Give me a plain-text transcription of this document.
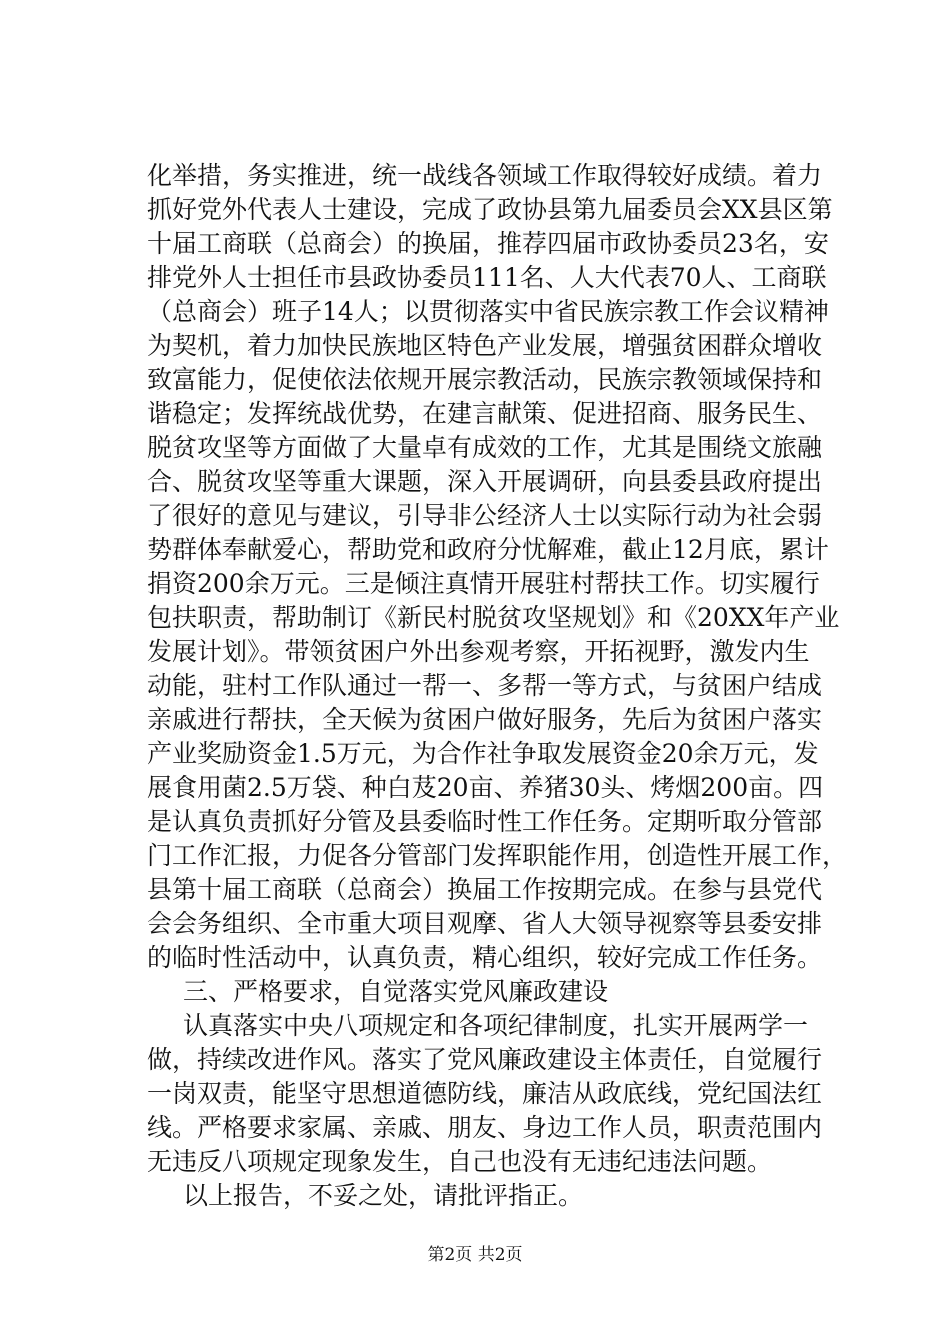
化举措，务实推进，统一战线各领域工作取得较好成绩。着力
抓好党外代表人士建设，完成了政协县第九届委员会XX县区第
十届工商联（总商会）的换届，推荐四届市政协委员23名，安
排党外人士担任市县政协委员111名、人大代表70人、工商联
（总商会）班子14人；以贯彻落实中省民族宗教工作会议精神
为契机，着力加快民族地区特色产业发展，增强贫困群众增收
致富能力，促使依法依规开展宗教活动，民族宗教领域保持和
谐稳定；发挥统战优势，在建言献策、促进招商、服务民生、
脱贫攻坚等方面做了大量卓有成效的工作，尤其是围绕文旅融
合、脱贫攻坚等重大课题，深入开展调研，向县委县政府提出
了很好的意见与建议，引导非公经济人士以实际行动为社会弱
势群体奉献爱心，帮助党和政府分忧解难，截止12月底，累计
捐资200余万元。三是倾注真情开展驻村帮扶工作。切实履行
包扶职责，帮助制订《新民村脱贫攻坚规划》和《20XX年产业
发展计划》。带领贫困户外出参观考察，开拓视野，激发内生
动能，驻村工作队通过一帮一、多帮一等方式，与贫困户结成
亲戚进行帮扶，全天候为贫困户做好服务，先后为贫困户落实
产业奖励资金1.5万元，为合作社争取发展资金20余万元，发
展食用菌2.5万袋、种白芨20亩、养猪30头、烤烟200亩。四
是认真负责抓好分管及县委临时性工作任务。定期听取分管部
门工作汇报，力促各分管部门发挥职能作用，创造性开展工作，
县第十届工商联（总商会）换届工作按期完成。在参与县党代
会会务组织、全市重大项目观摩、省人大领导视察等县委安排
的临时性活动中，认真负责，精心组织，较好完成工作任务。
三、严格要求，自觉落实党风廉政建设
认真落实中央八项规定和各项纪律制度，扎实开展两学一
做，持续改进作风。落实了党风廉政建设主体责任，自觉履行
一岗双责，能坚守思想道德防线，廉洁从政底线，党纪国法红
线。严格要求家属、亲戚、朋友、身边工作人员，职责范围内
无违反八项规定现象发生，自己也没有无违纪违法问题。
以上报告，不妥之处，请批评指正。
第2页 共2页
